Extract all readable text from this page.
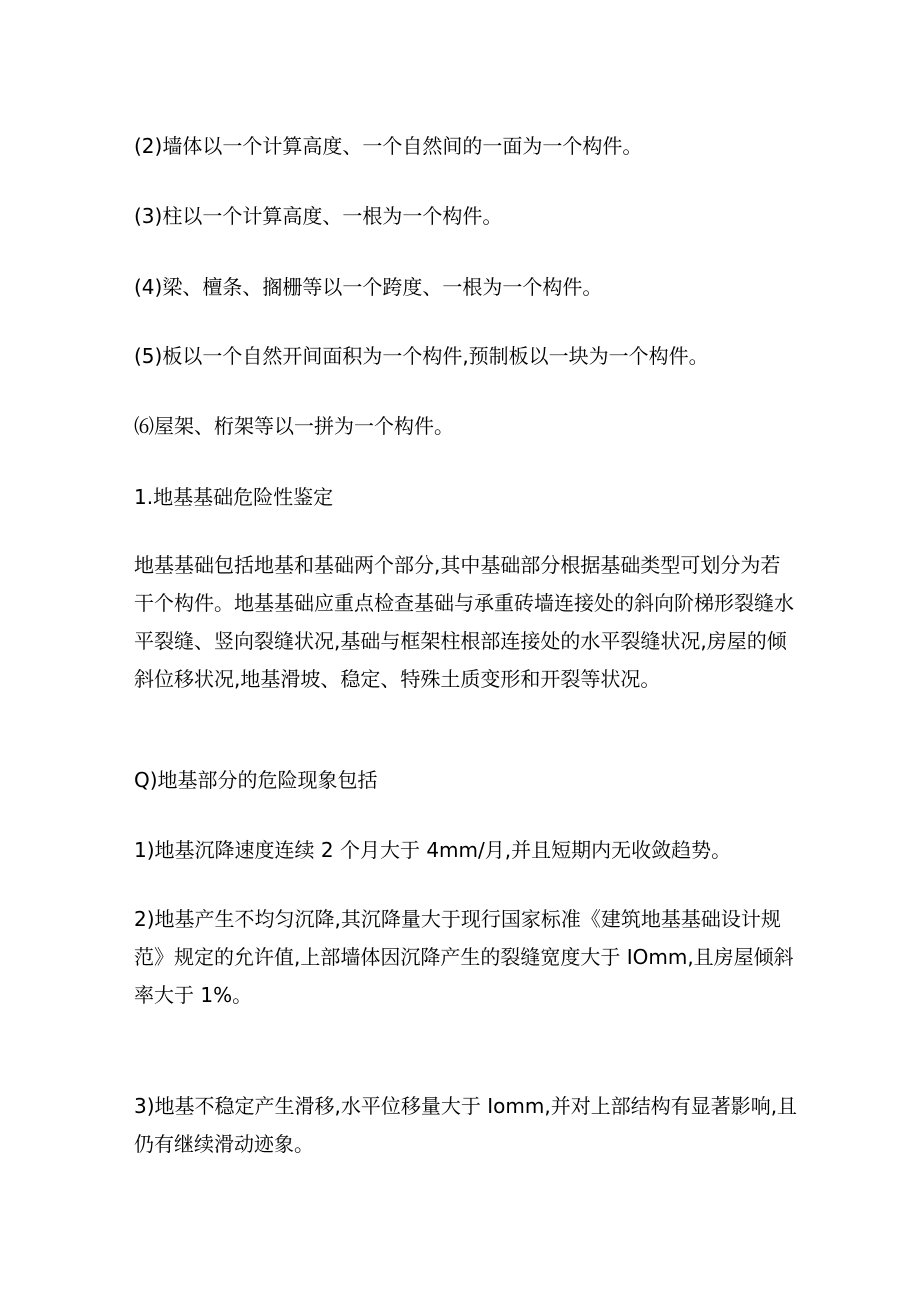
(2)墙体以一个计算高度、一个自然间的一面为一个构件。
(3)柱以一个计算高度、一根为一个构件。
(4)梁、檀条、搁栅等以一个跨度、一根为一个构件。
(5)板以一个自然开间面积为一个构件,预制板以一块为一个构件。
⑹屋架、桁架等以一拼为一个构件。
1.地基基础危险性鉴定
地基基础包括地基和基础两个部分,其中基础部分根据基础类型可划分为若
干个构件。地基基础应重点检查基础与承重砖墙连接处的斜向阶梯形裂缝水
平裂缝、竖向裂缝状况,基础与框架柱根部连接处的水平裂缝状况,房屋的倾
斜位移状况,地基滑坡、稳定、特殊土质变形和开裂等状况。
Q)地基部分的危险现象包括
1)地基沉降速度连续 2 个月大于 4mm/月,并且短期内无收敛趋势。
2)地基产生不均匀沉降,其沉降量大于现行国家标准《建筑地基基础设计规
范》规定的允许值,上部墙体因沉降产生的裂缝宽度大于 IOmm,且房屋倾斜
率大于 1%。
3)地基不稳定产生滑移,水平位移量大于 Iomm,并对上部结构有显著影响,且
仍有继续滑动迹象。
